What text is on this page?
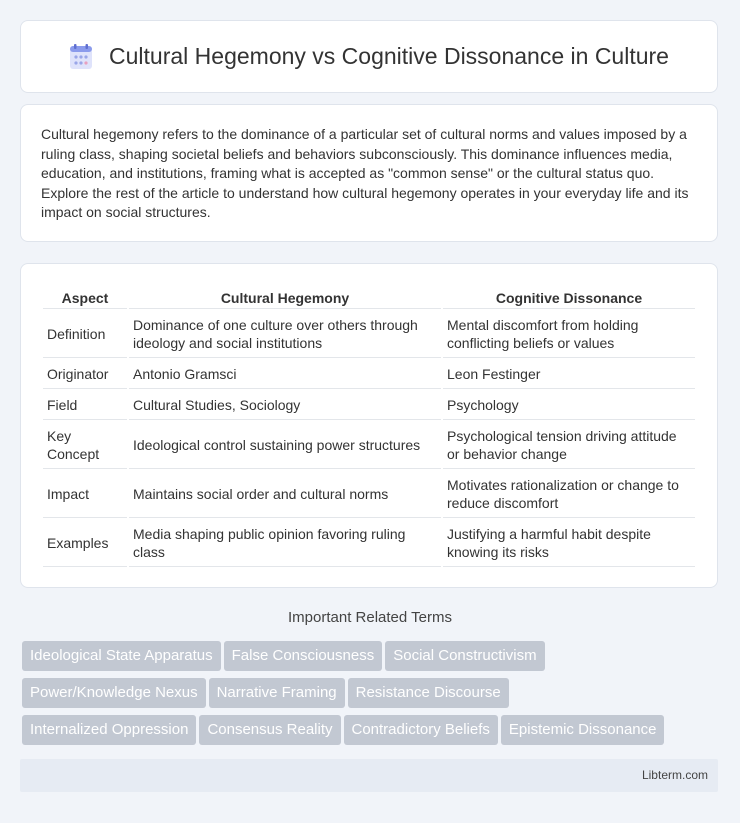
Cultural Hegemony vs Cognitive Dissonance in Culture
Cultural hegemony refers to the dominance of a particular set of cultural norms and values imposed by a ruling class, shaping societal beliefs and behaviors subconsciously. This dominance influences media, education, and institutions, framing what is accepted as "common sense" or the cultural status quo. Explore the rest of the article to understand how cultural hegemony operates in your everyday life and its impact on social structures.
Aspect	Cultural Hegemony	Cognitive Dissonance
Definition	Dominance of one culture over others through ideology and social institutions	Mental discomfort from holding conflicting beliefs or values
Originator	Antonio Gramsci	Leon Festinger
Field	Cultural Studies, Sociology	Psychology
Key Concept	Ideological control sustaining power structures	Psychological tension driving attitude or behavior change
Impact	Maintains social order and cultural norms	Motivates rationalization or change to reduce discomfort
Examples	Media shaping public opinion favoring ruling class	Justifying a harmful habit despite knowing its risks
Important Related Terms
Ideological State Apparatus False Consciousness Social Constructivism
Power/Knowledge Nexus Narrative Framing Resistance Discourse
Internalized Oppression Consensus Reality Contradictory Beliefs Epistemic Dissonance
Libterm.com
